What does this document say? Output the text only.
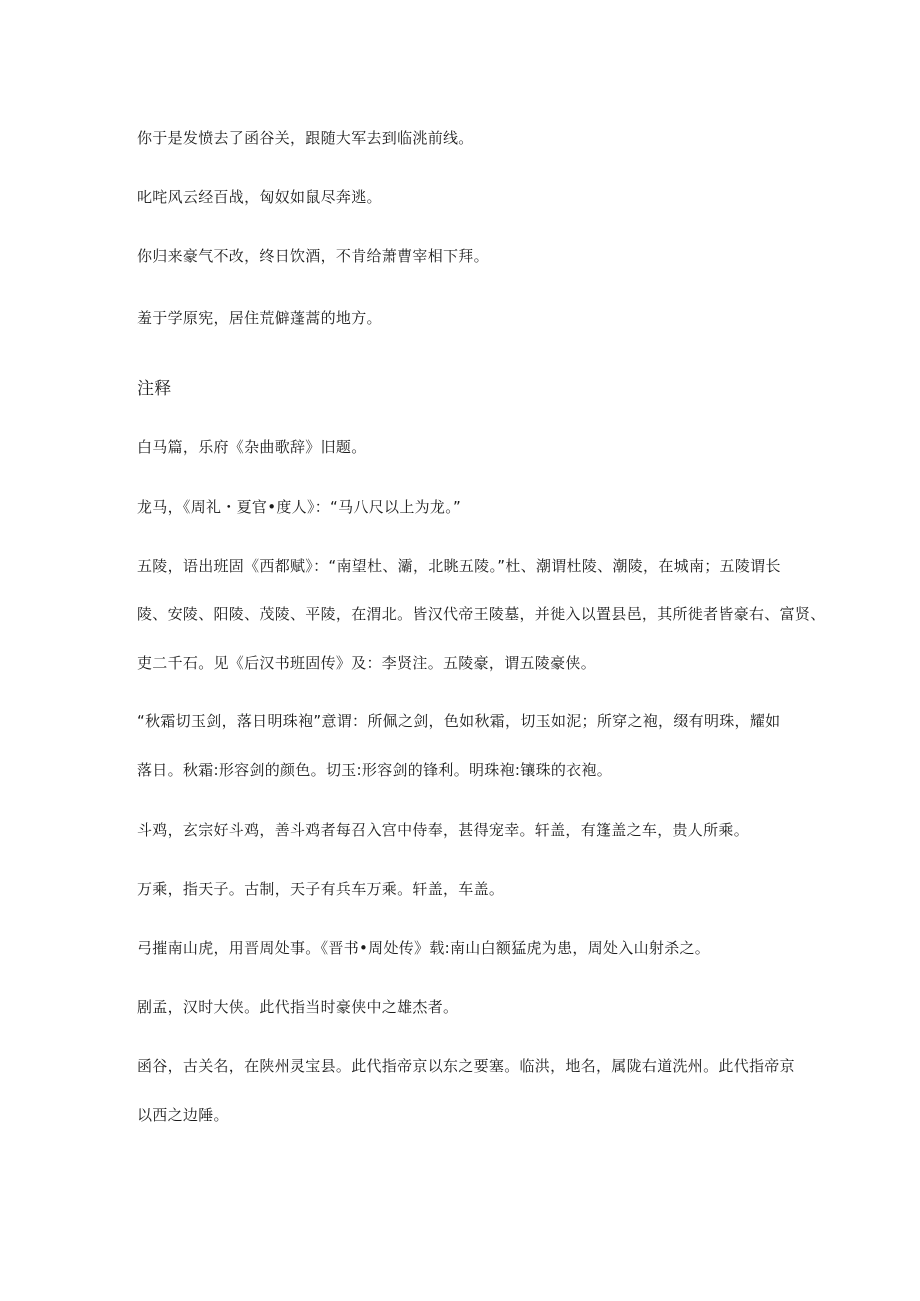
你于是发愤去了函谷关，跟随大军去到临洮前线。
叱咤风云经百战，匈奴如鼠尽奔逃。
你归来豪气不改，终日饮酒，不肯给萧曹宰相下拜。
羞于学原宪，居住荒僻蓬蒿的地方。
注释
白马篇，乐府《杂曲歌辞》旧题。
龙马，《周礼・夏官•度人》：“马八尺以上为龙。”
五陵，语出班固《西都赋》：“南望杜、灞，北眺五陵。”杜、潮谓杜陵、潮陵，在城南；五陵谓长
陵、安陵、阳陵、茂陵、平陵，在渭北。皆汉代帝王陵墓，并徙入以置县邑，其所徙者皆豪右、富贤、
吏二千石。见《后汉书班固传》及：李贤注。五陵豪，谓五陵豪侠。
“秋霜切玉剑，落日明珠袍”意谓：所佩之剑，色如秋霜，切玉如泥；所穿之袍，缀有明珠，耀如
落日。秋霜:形容剑的颜色。切玉:形容剑的锋利。明珠袍:镶珠的衣袍。
斗鸡，玄宗好斗鸡，善斗鸡者每召入宫中侍奉，甚得宠幸。轩盖，有篷盖之车，贵人所乘。
万乘，指天子。古制，天子有兵车万乘。轩盖，车盖。
弓摧南山虎，用晋周处事。《晋书•周处传》载:南山白额猛虎为患，周处入山射杀之。
剧孟，汉时大侠。此代指当时豪侠中之雄杰者。
函谷，古关名，在陕州灵宝县。此代指帝京以东之要塞。临洪，地名，属陇右道洗州。此代指帝京
以西之边陲。
